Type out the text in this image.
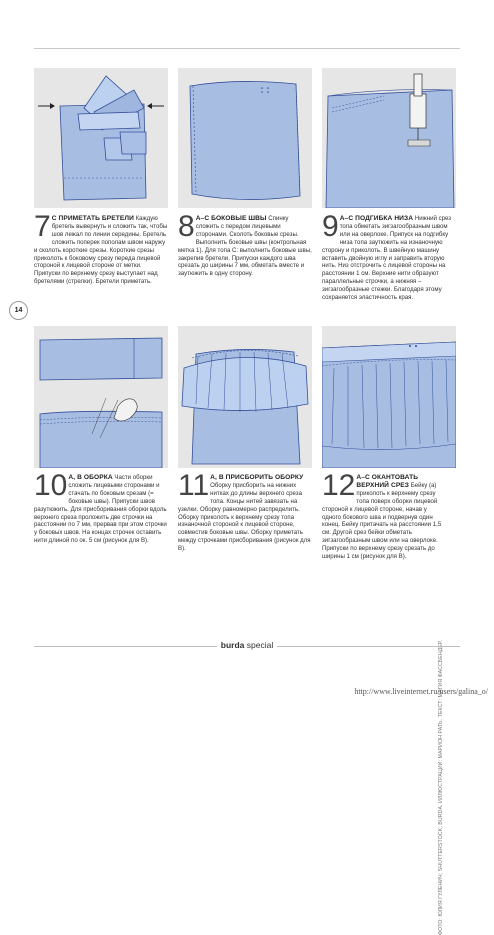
7 С ПРИМЕТАТЬ БРЕТЕЛИ Каждую бретель вывернуть и сложить так, чтобы шов лежал по линии середины. Бретель сложить поперек пополам швом наружу и сколоть короткие срезы. Короткие срезы приколоть к боковому срезу переда лицевой стороной к лицевой стороне от метки. Припуски по верхнему срезу выступает над бретелями (стрелки). Бретели приметать.
8 А–С БОКОВЫЕ ШВЫ Спинку сложить с передом лицевыми сторонами. Сколоть боковые срезы. Выполнить боковые швы (контрольная метка 1). Для топа С: выполнить боковые швы, закрепив бретели. Припуски каждого шва срезать до ширины 7 мм, обметать вместе и заутюжить в одну сторону.
9 А–С ПОДГИБКА НИЗА Нижний срез топа обметать зигзагообразным швом или на оверлоке. Припуск на подгибку низа топа заутюжить на изнаночную сторону и приколоть. В швейную машину вставить двойную иглу и заправить вторую нить. Низ отстрочить с лицевой стороны на расстоянии 1 см. Верхние нити образуют параллельные строчки, а нижняя – зигзагообразные стежки. Благодаря этому сохраняется эластичность края.
10 А, В ОБОРКА Части оборки сложить лицевыми сторонами и стачать по боковым срезам (= боковые швы). Припуски швов разутюжить. Для присборивания оборки вдоль верхнего среза проложить две строчки на расстоянии по 7 мм, прервав при этом строчки у боковых швов. На концах строчек оставить нити длиной по ок. 5 см (рисунок для В).
11 А, В ПРИСБОРИТЬ ОБОРКУ Оборку присборить на нижних нитках до длины верхнего среза топа. Концы нитей завязать на узелки. Оборку равномерно распределить. Оборку приколоть к верхнему срезу топа изнаночной стороной к лицевой стороне, совместив боковые швы. Оборку приметать между строчками присборивания (рисунок для В).
12 А–С ОКАНТОВАТЬ ВЕРХНИЙ СРЕЗ Бейку (а) приколоть к верхнему срезу топа поверх оборки лицевой стороной к лицевой стороне, начав у одного бокового шва и подвернув один конец. Бейку притачать на расстоянии 1,5 см. Другой срез бейки обметать зигзагообразным швом или на оверлоке. Припуски по верхнему срезу срезать до ширины 1 см (рисунок для В).
14
ФОТО: ЮЛИЯ ГУЛЕНИЧ; SHUTTERSTOCK; BURDA. ИЛЛЮСТРАЦИИ: МАРИОН РАТЬ. ТЕКСТ: МАГИЯ ФАССБЕНДЕР.
burda special
http://www.liveinternet.ru/users/galina_o/
